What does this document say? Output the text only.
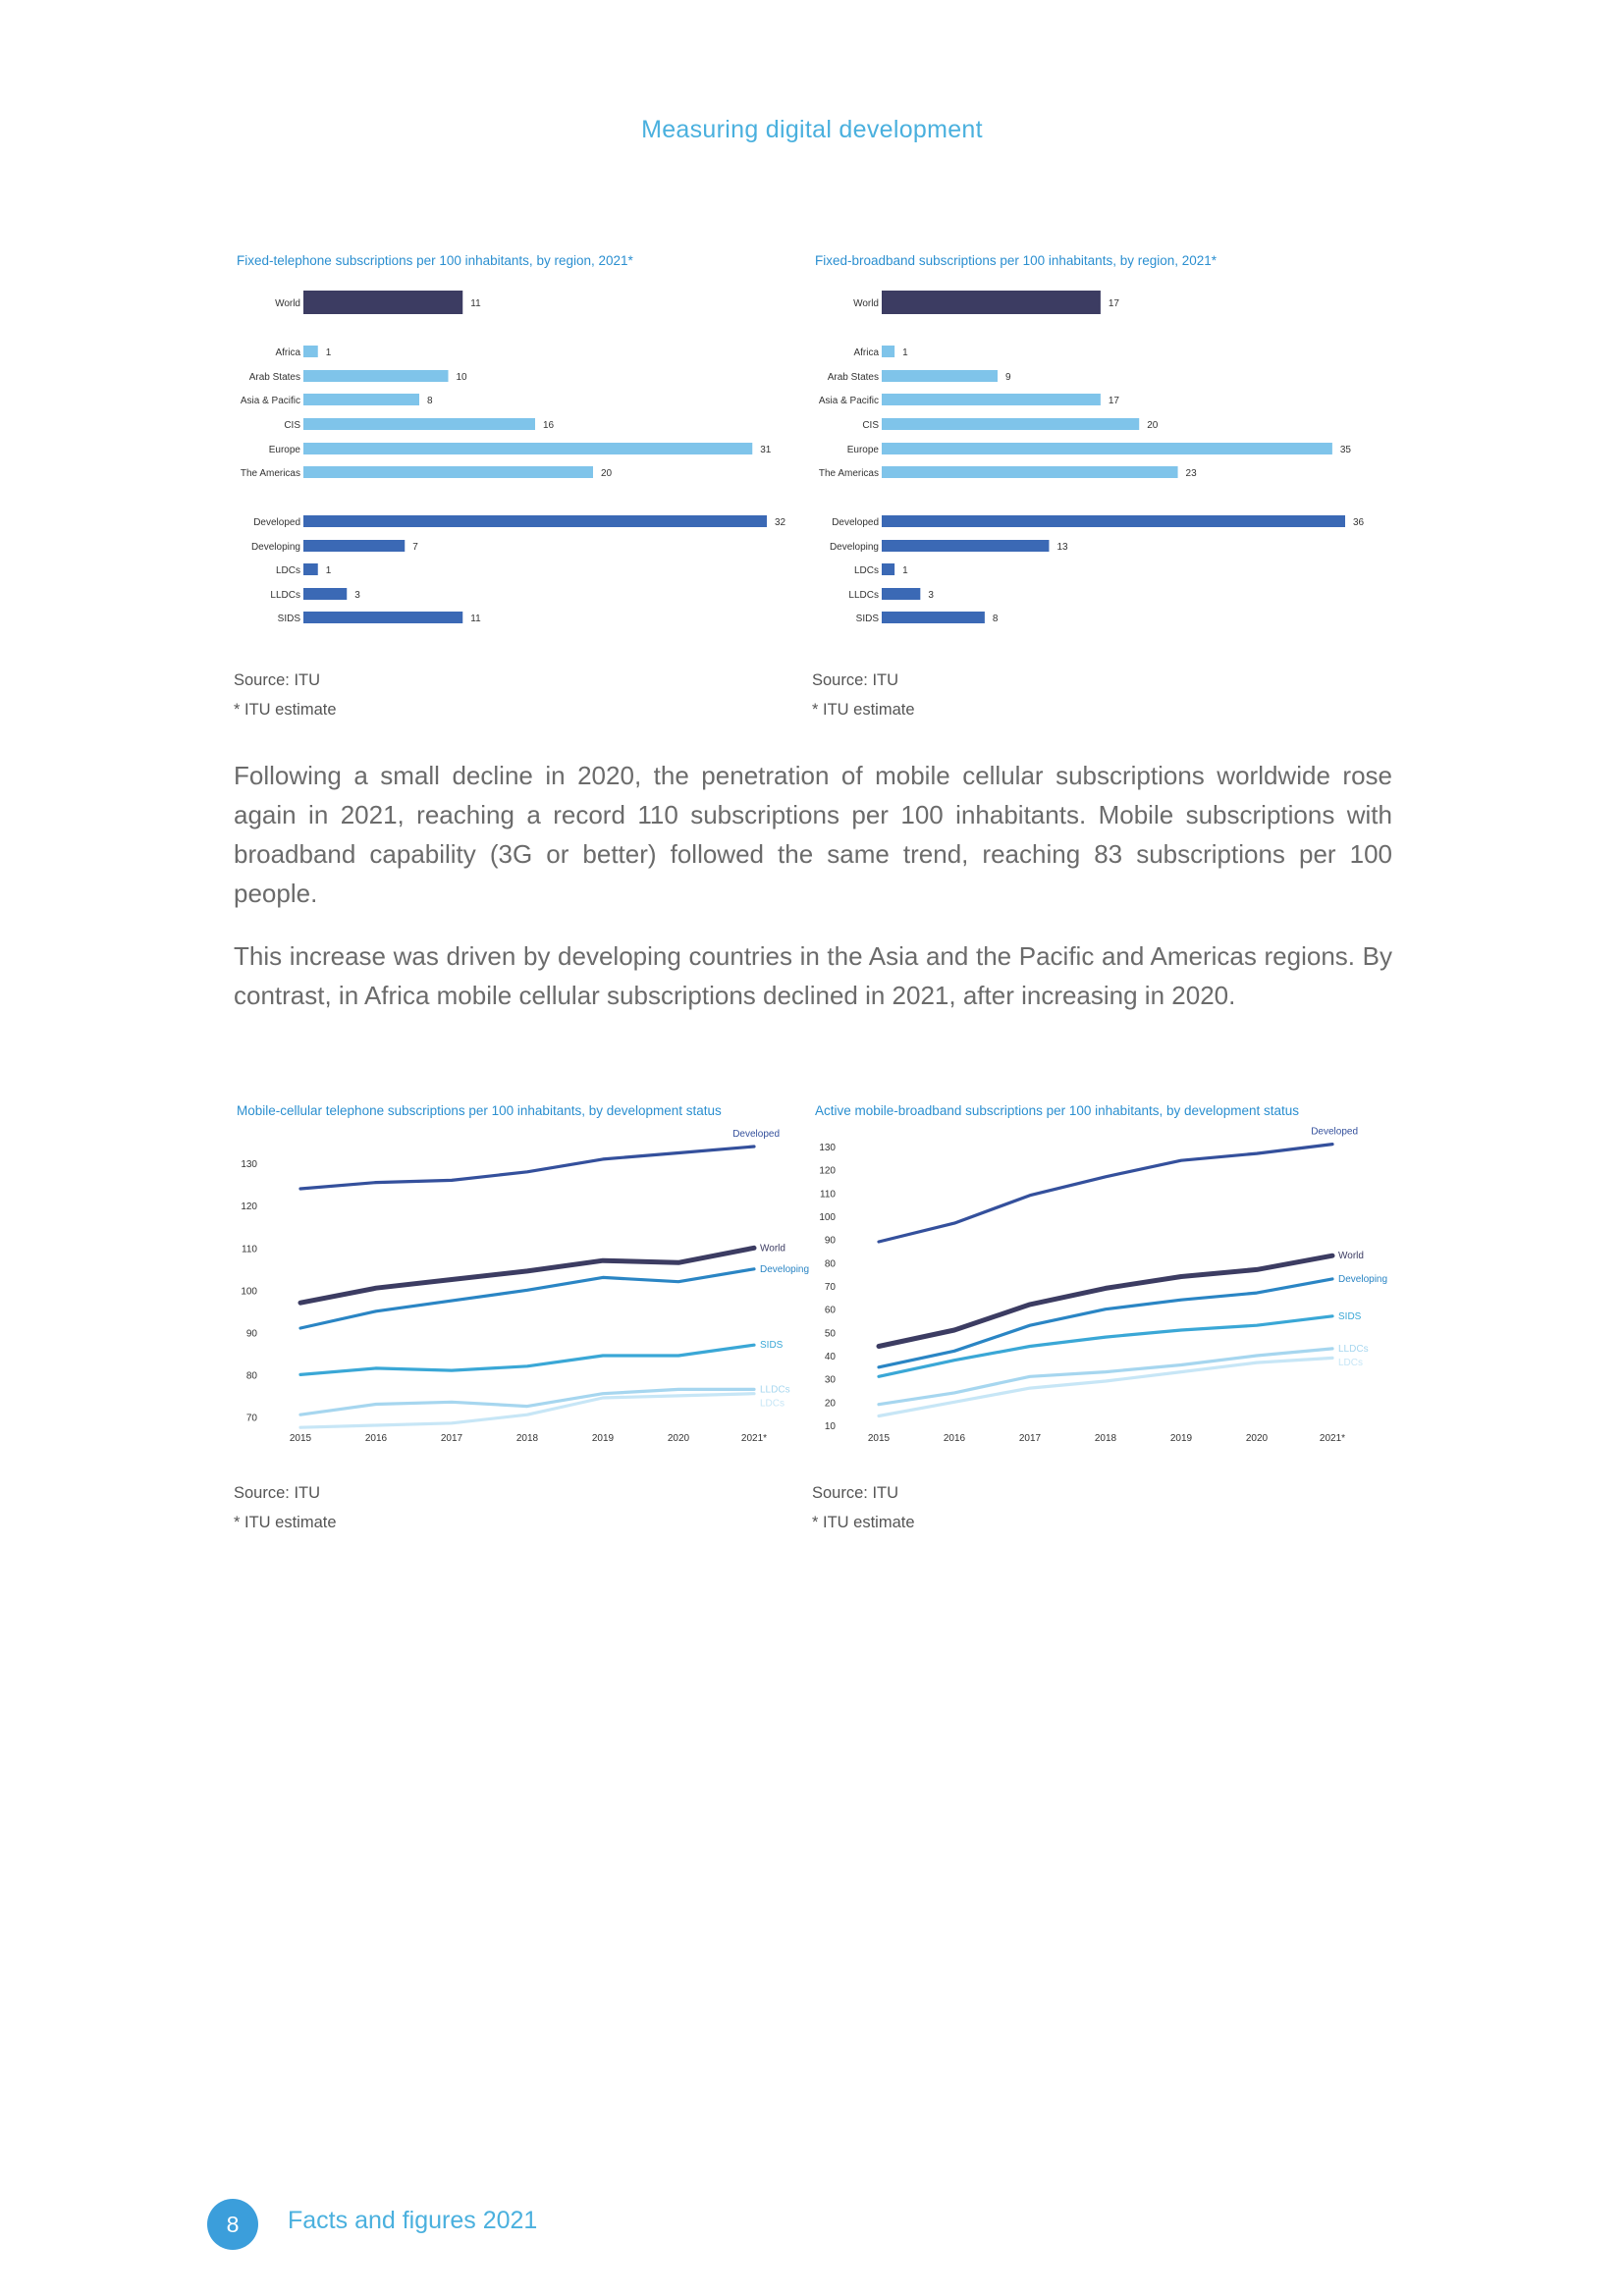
Measuring digital development
Fixed-telephone subscriptions per 100 inhabitants, by region, 2021*
World	11
Africa	1
Arab States	10
Asia & Pacific	8
CIS	16
Europe	31
The Americas	20
Developed	32
Developing	7
LDCs	1
LLDCs	3
SIDS	11
Source: ITU
* ITU estimate
Fixed-broadband subscriptions per 100 inhabitants, by region, 2021*
World	17
Africa 1
Arab States	9
Asia & Pacific	17
CIS	20
Europe	35
The Americas	23
Developed	36
Developing	13
LDCs 1
LLDCs	3
SIDS	8
Source: ITU
* ITU estimate

Following a small decline in 2020, the penetration of mobile cellular subscriptions worldwide rose again in 2021, reaching a record 110 subscriptions per 100 inhabitants. Mobile subscriptions with broadband capability (3G or better) followed the same trend, reaching 83 subscriptions per 100 people.

This increase was driven by developing countries in the Asia and the Pacific and Americas regions. By contrast, in Africa mobile cellular subscriptions declined in 2021, after increasing in 2020.

Mobile-cellular telephone subscriptions per 100 inhabitants, by development status
70
80
90
100
110
120
130
2015	2016	2017	2018	2019	2020	2021*
Developed
World
Developing
SIDS
LLDCs
LDCs
Source: ITU
* ITU estimate
Active mobile-broadband subscriptions per 100 inhabitants, by development status
10
20
30
40
50
60
70
80
90
100
110
120
130
2015	2016	2017	2018	2019	2020	2021*
Developed
World
Developing
SIDS
LLDCs
LDCs
Source: ITU
* ITU estimate
8	Facts and figures 2021
